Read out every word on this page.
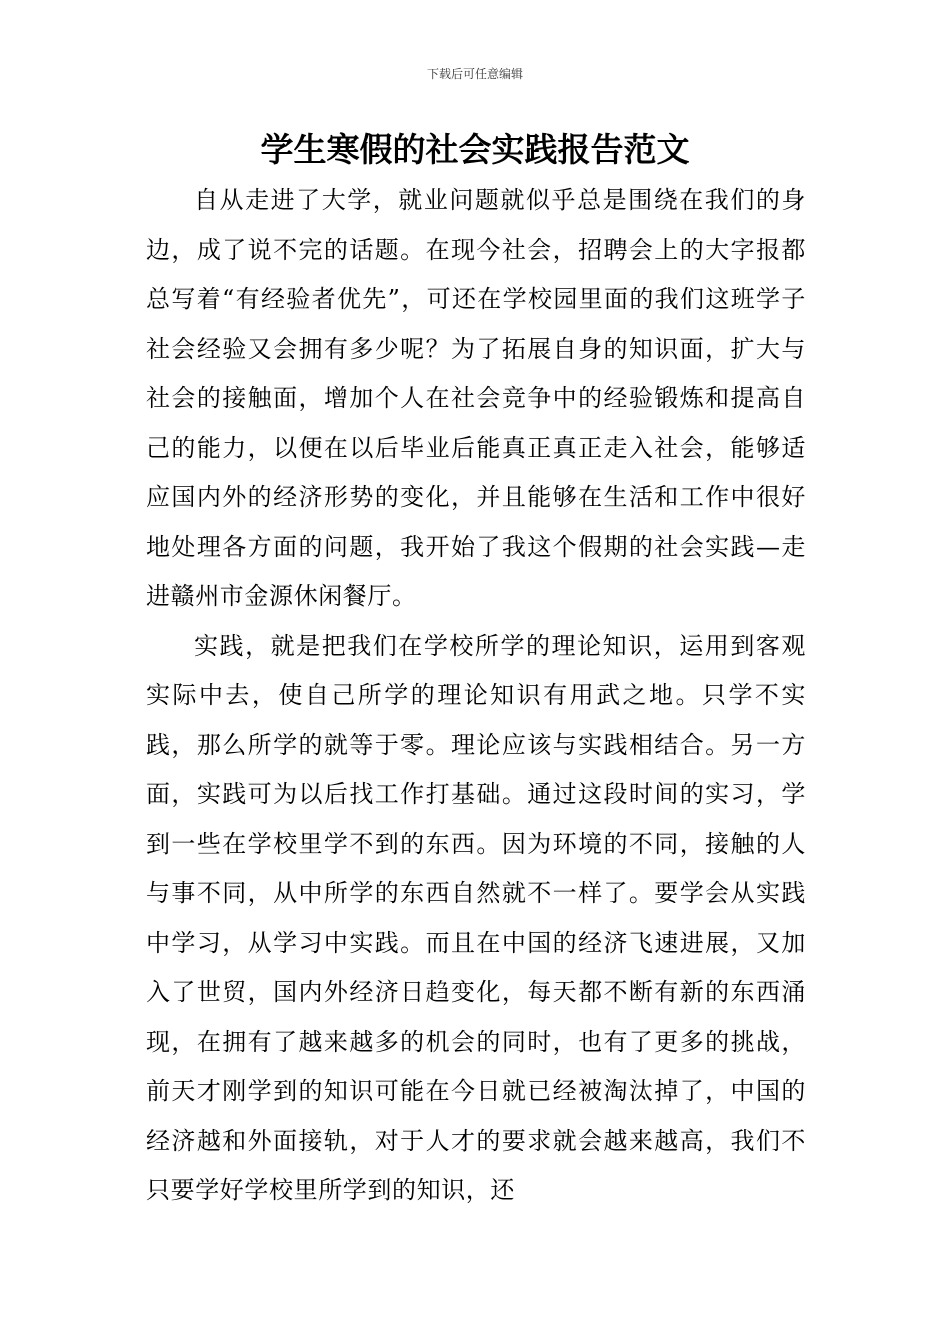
下载后可任意编辑
学生寒假的社会实践报告范文

自从走进了大学，就业问题就似乎总是围绕在我们的身边，成了说不完的话题。在现今社会，招聘会上的大字报都总写着“有经验者优先”，可还在学校园里面的我们这班学子社会经验又会拥有多少呢？为了拓展自身的知识面，扩大与社会的接触面，增加个人在社会竞争中的经验锻炼和提高自己的能力，以便在以后毕业后能真正真正走入社会，能够适应国内外的经济形势的变化，并且能够在生活和工作中很好地处理各方面的问题，我开始了我这个假期的社会实践—走进赣州市金源休闲餐厅。

实践，就是把我们在学校所学的理论知识，运用到客观实际中去，使自己所学的理论知识有用武之地。只学不实践，那么所学的就等于零。理论应该与实践相结合。另一方面，实践可为以后找工作打基础。通过这段时间的实习，学到一些在学校里学不到的东西。因为环境的不同，接触的人与事不同，从中所学的东西自然就不一样了。要学会从实践中学习，从学习中实践。而且在中国的经济飞速进展，又加入了世贸，国内外经济日趋变化，每天都不断有新的东西涌现，在拥有了越来越多的机会的同时，也有了更多的挑战，前天才刚学到的知识可能在今日就已经被淘汰掉了，中国的经济越和外面接轨，对于人才的要求就会越来越高，我们不只要学好学校里所学到的知识，还
